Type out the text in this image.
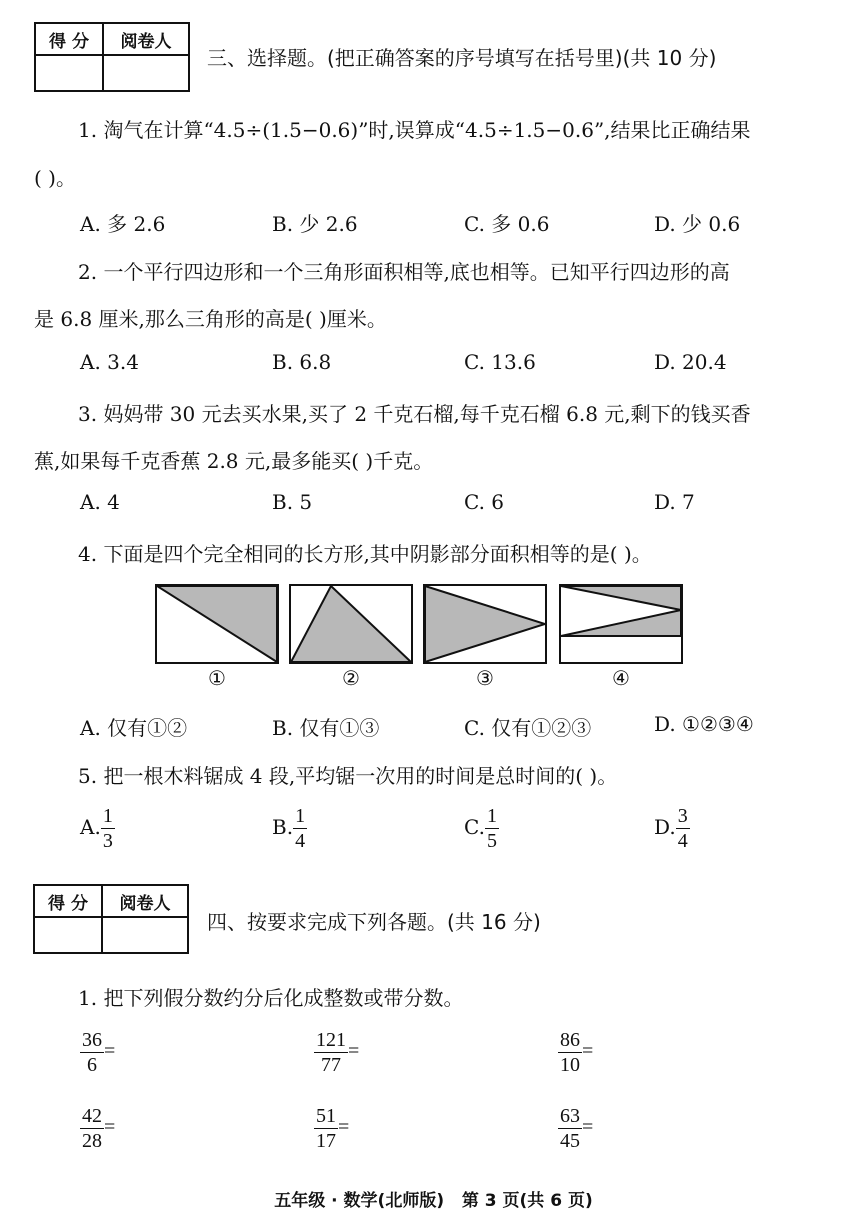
得 分	阅卷人

三、选择题。(把正确答案的序号填写在括号里)(共 10 分)
1. 淘气在计算“4.5÷(1.5−0.6)”时,误算成“4.5÷1.5−0.6”,结果比正确结果
( )。
A. 多 2.6	B. 少 2.6	C. 多 0.6	D. 少 0.6
2. 一个平行四边形和一个三角形面积相等,底也相等。已知平行四边形的高
是 6.8 厘米,那么三角形的高是( )厘米。
A. 3.4	B. 6.8	C. 13.6	D. 20.4
3. 妈妈带 30 元去买水果,买了 2 千克石榴,每千克石榴 6.8 元,剩下的钱买香
蕉,如果每千克香蕉 2.8 元,最多能买( )千克。
A. 4	B. 5	C. 6	D. 7
4. 下面是四个完全相同的长方形,其中阴影部分面积相等的是( )。
①	②	③	④
A. 仅有①②	B. 仅有①③	C. 仅有①②③	D. ①②③④
5. 把一根木料锯成 4 段,平均锯一次用的时间是总时间的( )。
A. $\frac{1}{3}$	B. $\frac{1}{4}$	C. $\frac{1}{5}$	D. $\frac{3}{4}$
得 分	阅卷人

四、按要求完成下列各题。(共 16 分)
1. 把下列假分数约分后化成整数或带分数。
$\frac{36}{6}$ =	$\frac{121}{77}$ =	$\frac{86}{10}$ =
$\frac{42}{28}$ =	$\frac{51}{17}$ =	$\frac{63}{45}$ =
五年级 · 数学(北师版)   第 3 页(共 6 页)
